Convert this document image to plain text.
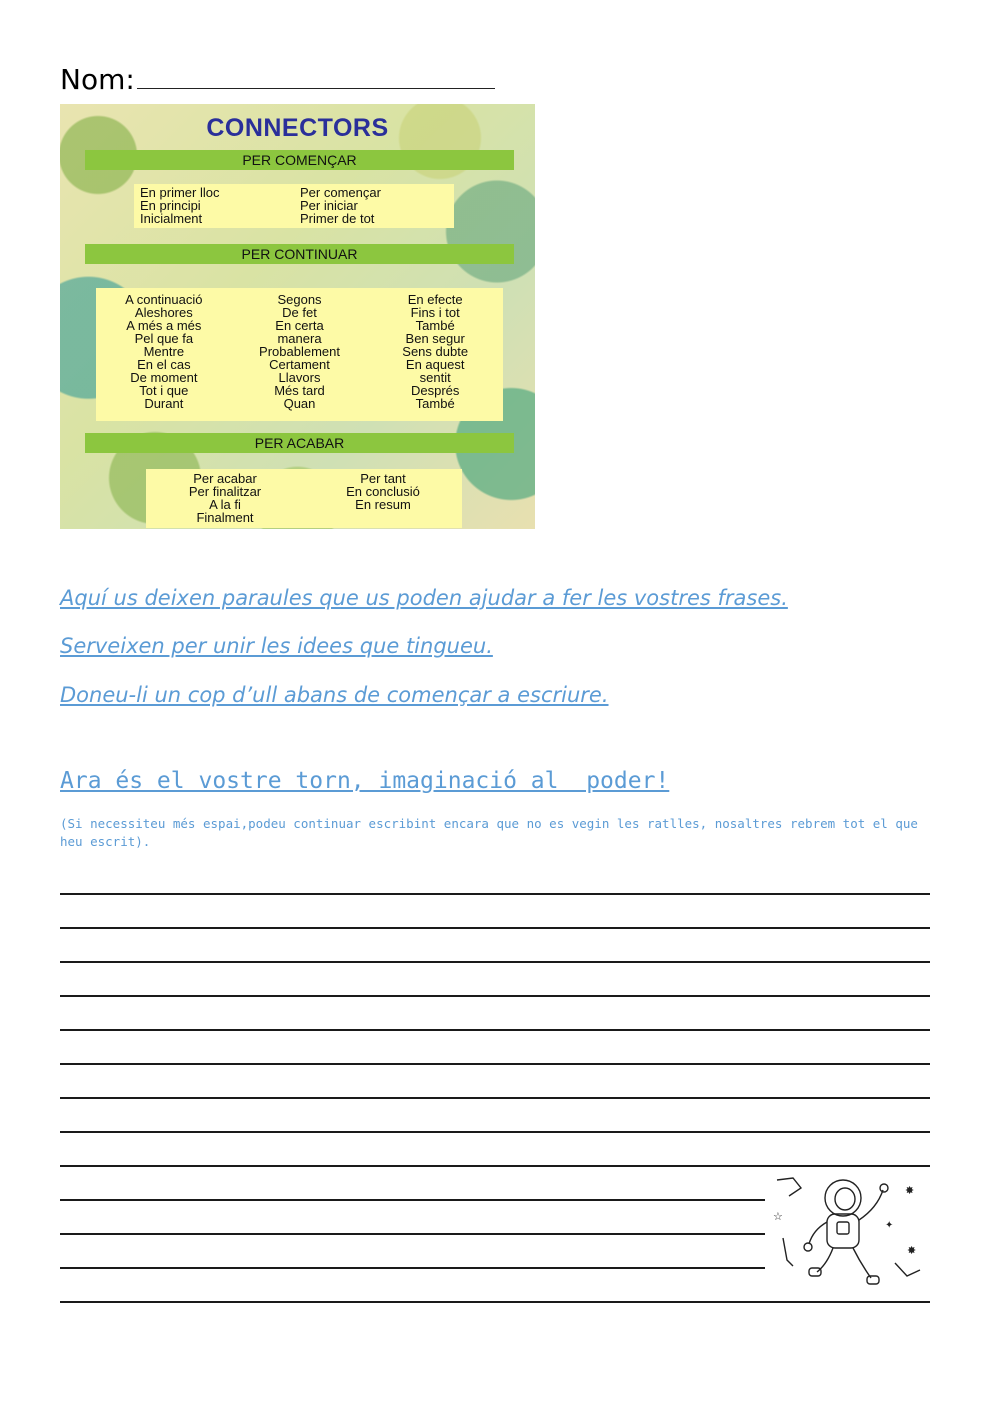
Nom:
CONNECTORS
PER COMENÇAR
En primer lloc
En principi
Inicialment
Per començar
Per iniciar
Primer de tot
PER CONTINUAR
A continuació
Aleshores
A més a més
Pel que fa
Mentre
En el cas
De moment
Tot i que
Durant
Segons
De fet
En certa
manera
Probablement
Certament
Llavors
Més tard
Quan
En efecte
Fins i tot
També
Ben segur
Sens dubte
En aquest
sentit
Després
També
PER ACABAR
Per acabar
Per finalitzar
A la fi
Finalment
Per tant
En conclusió
En resum
Aquí us deixen paraules que us poden ajudar a fer les vostres frases.
Serveixen per unir les idees que tingueu.
Doneu-li un cop d’ull abans de començar a escriure.
Ara és el vostre torn, imaginació al  poder!
(Si necessiteu més espai,podeu continuar escribint encara que no es vegin les ratlles, nosaltres rebrem tot el que heu escrit).
✸
☆
✦
✸
